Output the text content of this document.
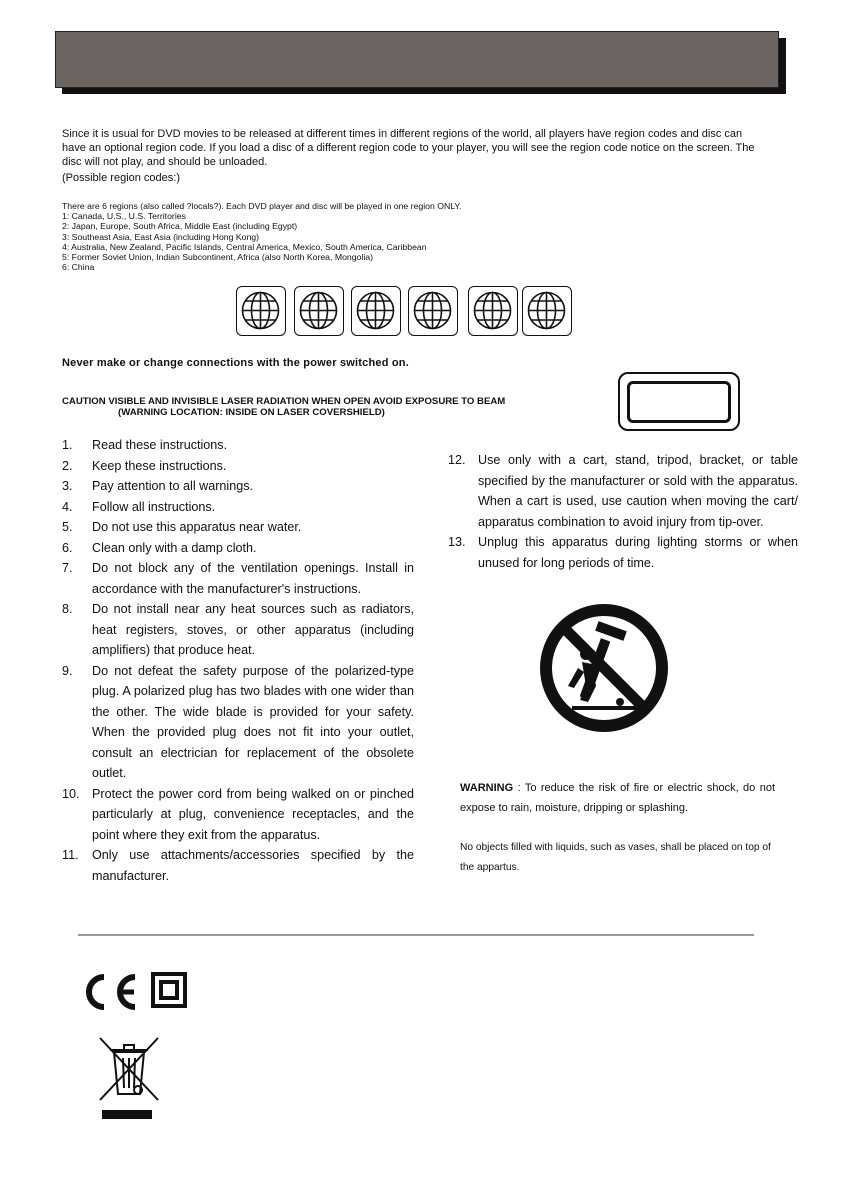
Since it is usual for DVD movies to be released at different times in different regions of the world, all players have region codes and disc can have an optional region code. If you load a disc of a different region code to your player, you will see the region code notice on the screen. The disc will not play, and should be unloaded.

(Possible region codes:)

There are 6 regions (also called ?locals?). Each DVD player and disc will be played in one region ONLY.
1: Canada, U.S., U.S. Territories
2: Japan, Europe, South Africa, Middle East (including Egypt)
3: Southeast Asia, East Asia (including Hong Kong)
4: Australia, New Zealand, Pacific Islands, Central America, Mexico, South America, Caribbean
5: Former Soviet Union, Indian Subcontinent, Africa (also North Korea, Mongolia)
6: China
Never make or change connections with the power switched on.
CAUTION VISIBLE AND INVISIBLE LASER RADIATION WHEN OPEN AVOID EXPOSURE TO BEAM
(WARNING LOCATION: INSIDE ON LASER COVERSHIELD)
1. Read these instructions.
2. Keep these instructions.
3. Pay attention to all warnings.
4. Follow all instructions.
5. Do not use this apparatus near water.
6. Clean only with a damp cloth.
7. Do not block any of the ventilation openings. Install in accordance with the manufacturer's instructions.
8. Do not install near any heat sources such as radiators, heat registers, stoves, or other apparatus (including amplifiers) that produce heat.
9. Do not defeat the safety purpose of the polarized-type plug. A polarized plug has two blades with one wider than the other. The wide blade is provided for your safety. When the provided plug does not fit into your outlet, consult an electrician for replacement of the obsolete outlet.
10. Protect the power cord from being walked on or pinched particularly at plug, convenience receptacles, and the point where they exit from the apparatus.
11. Only use attachments/accessories specified by the manufacturer.
12. Use only with a cart, stand, tripod, bracket, or table specified by the manufacturer or sold with the apparatus. When a cart is used, use caution when moving the cart/ apparatus combination to avoid injury from tip-over.
13. Unplug this apparatus during lighting storms or when unused for long periods of time.
WARNING : To reduce the risk of fire or electric shock, do not expose to rain, moisture, dripping or splashing.
No objects filled with liquids, such as vases, shall be placed on top of the appartus.
